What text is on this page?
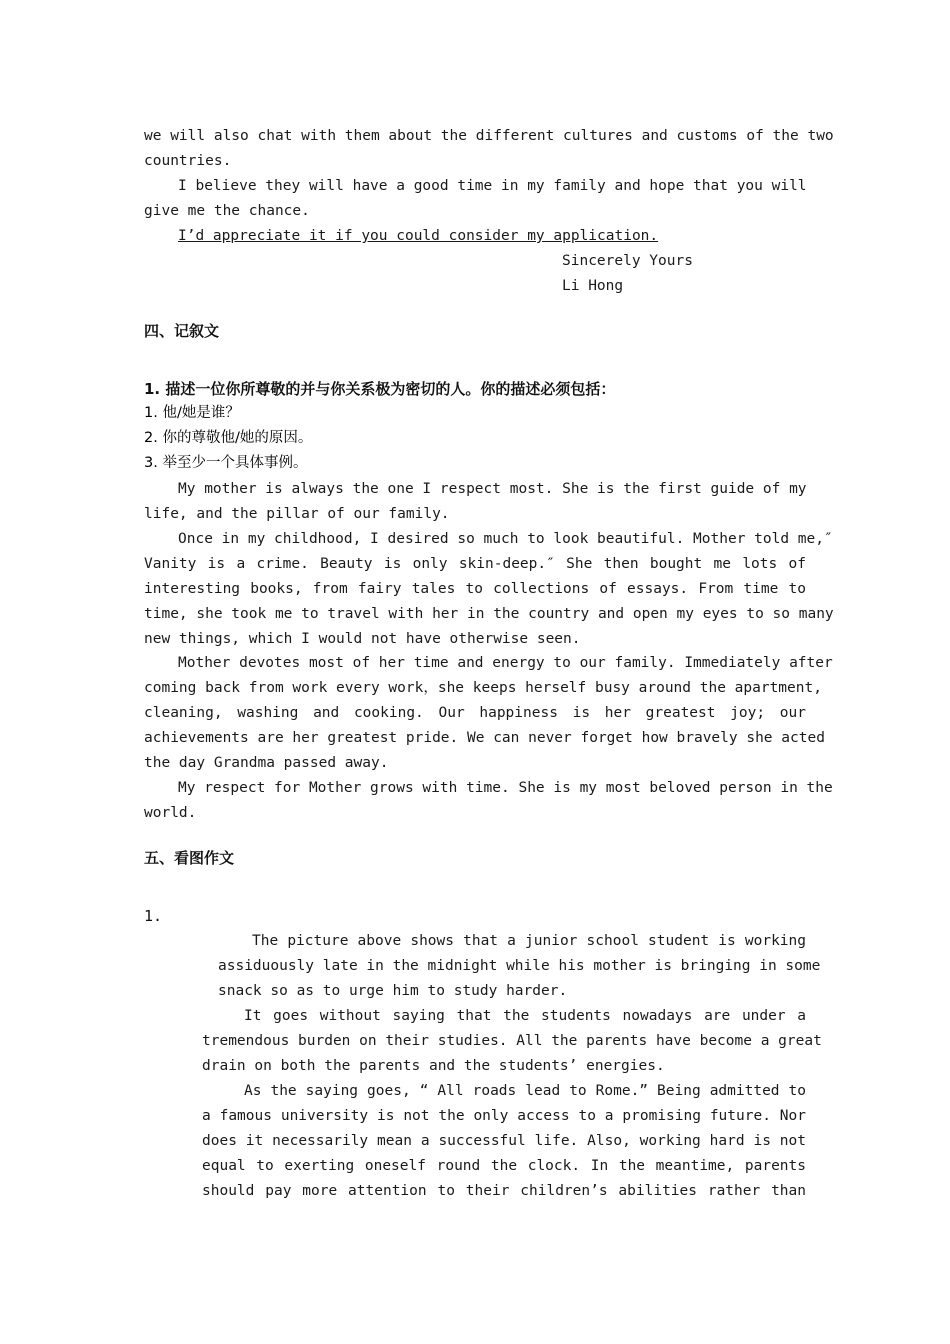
we will also chat with them about the different cultures and customs of the two
countries.
I believe they will have a good time in my family and hope that you will
give me the chance.
I’d appreciate it if you could consider my application.
Sincerely Yours
Li Hong
四、记叙文
1. 描述一位你所尊敬的并与你关系极为密切的人。你的描述必须包括：
1. 他/她是谁？
2. 你的尊敬他/她的原因。
3. 举至少一个具体事例。
My mother is always the one I respect most. She is the first guide of my
life, and the pillar of our family.
Once in my childhood, I desired so much to look beautiful. Mother told me,″
Vanity is a crime. Beauty is only skin-deep.″ She then bought me lots of
interesting books, from fairy tales to collections of essays. From time to
time, she took me to travel with her in the country and open my eyes to so many
new things, which I would not have otherwise seen.
Mother devotes most of her time and energy to our family. Immediately after
coming back from work every work，she keeps herself busy around the apartment,
cleaning, washing and cooking. Our happiness is her greatest joy; our
achievements are her greatest pride. We can never forget how bravely she acted
the day Grandma passed away.
My respect for Mother grows with time. She is my most beloved person in the
world.
五、看图作文
1.
The picture above shows that a junior school student is working
assiduously late in the midnight while his mother is bringing in some
snack so as to urge him to study harder.
It goes without saying that the students nowadays are under a
tremendous burden on their studies. All the parents have become a great
drain on both the parents and the students’ energies.
As the saying goes, “ All roads lead to Rome.” Being admitted to
a famous university is not the only access to a promising future. Nor
does it necessarily mean a successful life. Also, working hard is not
equal to exerting oneself round the clock. In the meantime, parents
should pay more attention to their children’s abilities rather than
